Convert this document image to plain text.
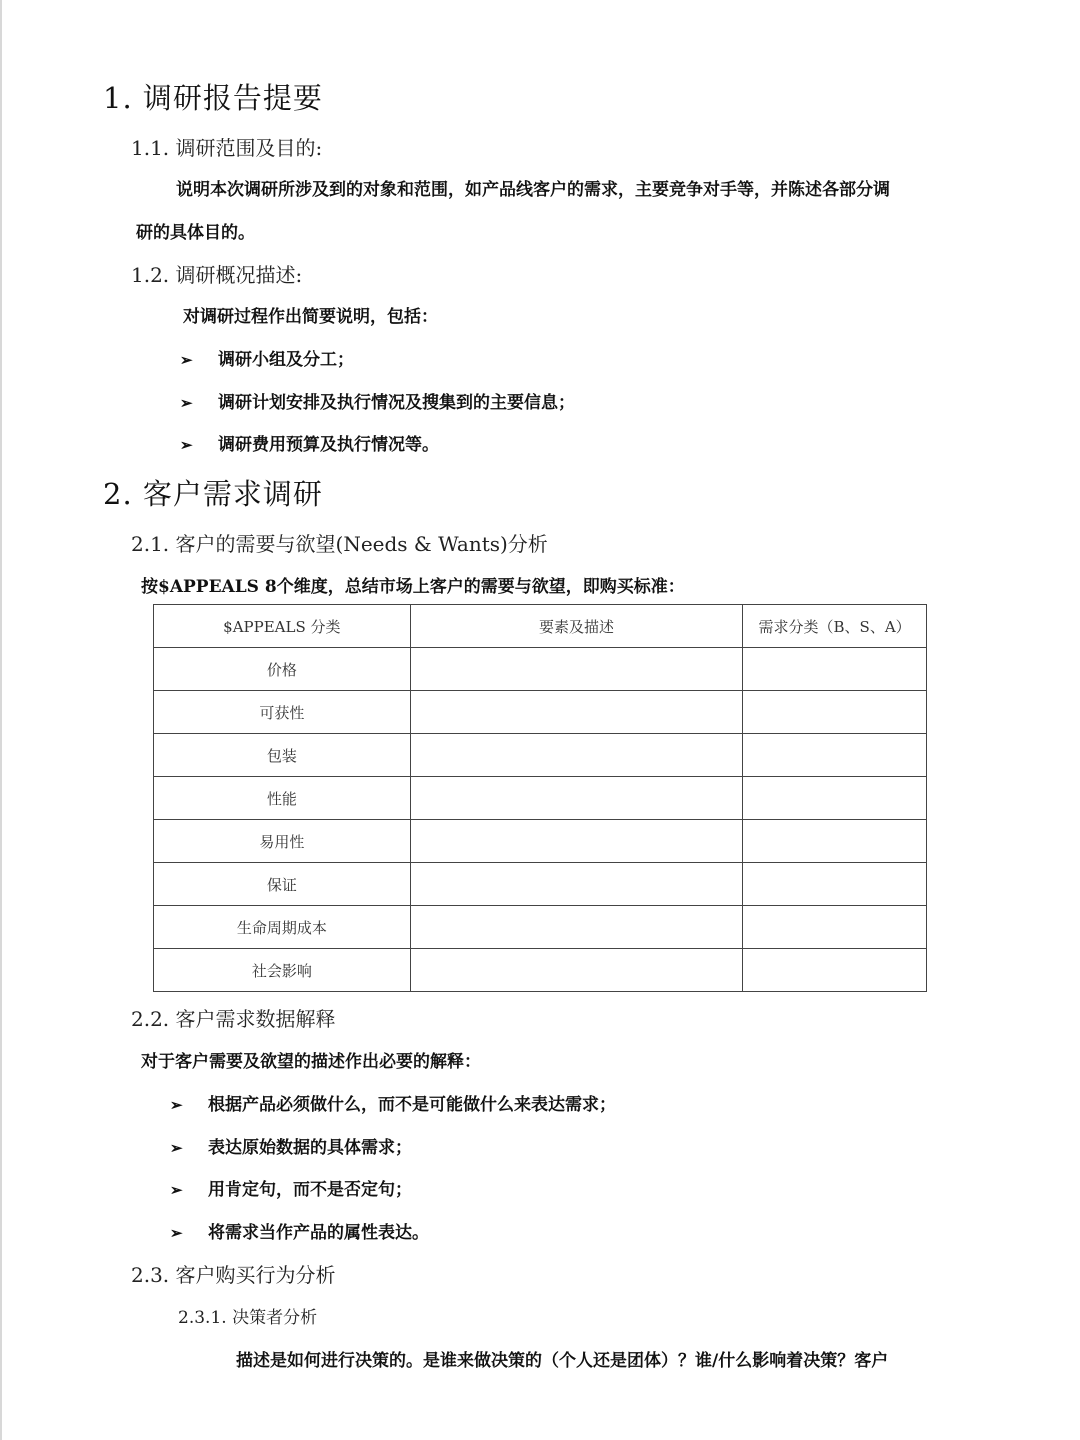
1. 调研报告提要
1.1. 调研范围及目的:
说明本次调研所涉及到的对象和范围，如产品线客户的需求，主要竞争对手等，并陈述各部分调
研的具体目的。
1.2. 调研概况描述:
对调研过程作出简要说明，包括：
➢ 调研小组及分工；
➢ 调研计划安排及执行情况及搜集到的主要信息；
➢ 调研费用预算及执行情况等。
2. 客户需求调研
2.1. 客户的需要与欲望(Needs & Wants)分析
按$APPEALS 8个维度，总结市场上客户的需要与欲望，即购买标准：
$APPEALS 分类	要素及描述	需求分类（B、S、A）
价格		
可获性		
包装		
性能		
易用性		
保证		
生命周期成本		
社会影响		
2.2. 客户需求数据解释
对于客户需要及欲望的描述作出必要的解释：
➢ 根据产品必须做什么，而不是可能做什么来表达需求；
➢ 表达原始数据的具体需求；
➢ 用肯定句，而不是否定句；
➢ 将需求当作产品的属性表达。
2.3. 客户购买行为分析
2.3.1. 决策者分析
描述是如何进行决策的。是谁来做决策的（个人还是团体）？谁/什么影响着决策？客户
